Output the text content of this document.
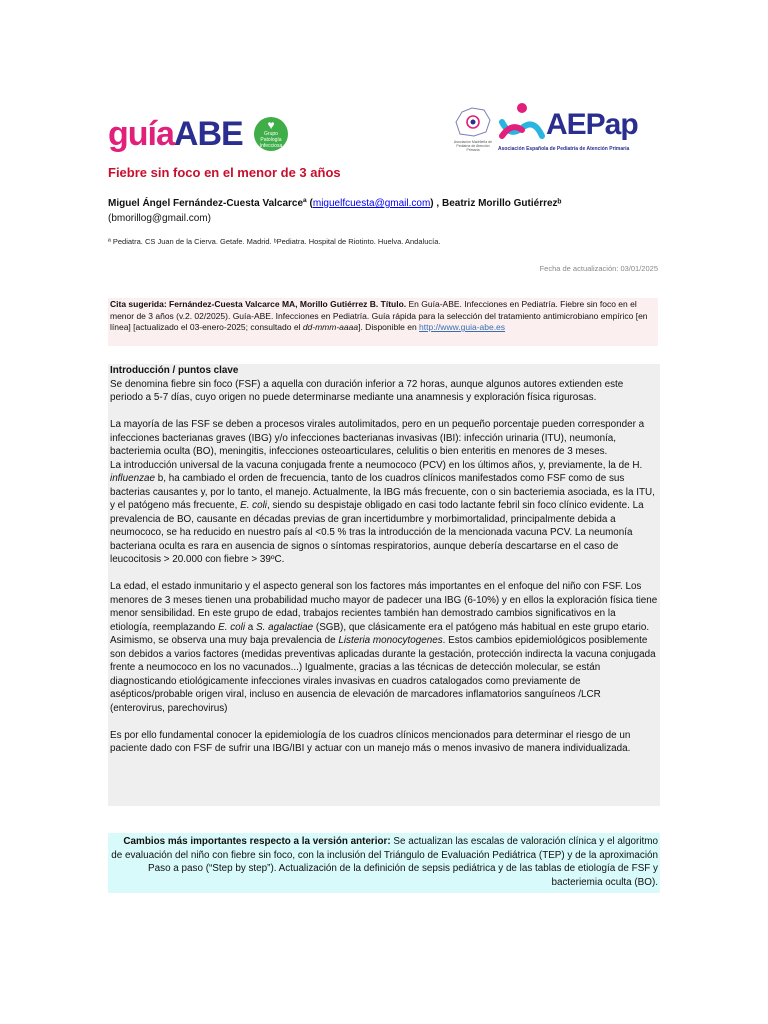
guíaABE ♥
Grupo Patología Infecciosa
Asociación Madrileña de Pediatría de Atención Primaria
AEPap
Asociación Española de Pediatría de Atención Primaria
Fiebre sin foco en el menor de 3 años
Miguel Ángel Fernández-Cuesta Valcarceª (miguelfcuesta@gmail.com) , Beatriz Morillo Gutiérrezᵇ
(bmorillog@gmail.com)
ª Pediatra. CS Juan de la Cierva. Getafe. Madrid. ᵇPediatra. Hospital de Riotinto. Huelva. Andalucía.
Fecha de actualización: 03/01/2025
Cita sugerida: Fernández-Cuesta Valcarce MA, Morillo Gutiérrez B. Título. En Guía-ABE. Infecciones en Pediatría. Fiebre sin foco en el menor de 3 años (v.2. 02/2025). Guía-ABE. Infecciones en Pediatría. Guía rápida para la selección del tratamiento antimicrobiano empírico [en línea] [actualizado el 03-enero-2025; consultado el dd-mmm-aaaa]. Disponible en http://www.guia-abe.es

Introducción / puntos clave

Se denomina fiebre sin foco (FSF) a aquella con duración inferior a 72 horas, aunque algunos autores extienden este periodo a 5-7 días, cuyo origen no puede determinarse mediante una anamnesis y exploración física rigurosas.

La mayoría de las FSF se deben a procesos virales autolimitados, pero en un pequeño porcentaje pueden corresponder a infecciones bacterianas graves (IBG) y/o infecciones bacterianas invasivas (IBI): infección urinaria (ITU), neumonía, bacteriemia oculta (BO), meningitis, infecciones osteoarticulares, celulitis o bien enteritis en menores de 3 meses.

La introducción universal de la vacuna conjugada frente a neumococo (PCV) en los últimos años, y, previamente, la de H. influenzae b, ha cambiado el orden de frecuencia, tanto de los cuadros clínicos manifestados como FSF como de sus bacterias causantes y, por lo tanto, el manejo. Actualmente, la IBG más frecuente, con o sin bacteriemia asociada, es la ITU, y el patógeno más frecuente, E. coli, siendo su despistaje obligado en casi todo lactante febril sin foco clínico evidente. La prevalencia de BO, causante en décadas previas de gran incertidumbre y morbimortalidad, principalmente debida a neumococo, se ha reducido en nuestro país al <0.5 % tras la introducción de la mencionada vacuna PCV. La neumonía bacteriana oculta es rara en ausencia de signos o síntomas respiratorios, aunque debería descartarse en el caso de leucocitosis > 20.000 con fiebre > 39ºC.

La edad, el estado inmunitario y el aspecto general son los factores más importantes en el enfoque del niño con FSF. Los menores de 3 meses tienen una probabilidad mucho mayor de padecer una IBG (6-10%) y en ellos la exploración física tiene menor sensibilidad. En este grupo de edad, trabajos recientes también han demostrado cambios significativos en la etiología, reemplazando E. coli a S. agalactiae (SGB), que clásicamente era el patógeno más habitual en este grupo etario. Asimismo, se observa una muy baja prevalencia de Listeria monocytogenes. Estos cambios epidemiológicos posiblemente son debidos a varios factores (medidas preventivas aplicadas durante la gestación, protección indirecta la vacuna conjugada frente a neumococo en los no vacunados...) Igualmente, gracias a las técnicas de detección molecular, se están diagnosticando etiológicamente infecciones virales invasivas en cuadros catalogados como previamente de asépticos/probable origen viral, incluso en ausencia de elevación de marcadores inflamatorios sanguíneos /LCR (enterovirus, parechovirus)

Es por ello fundamental conocer la epidemiología de los cuadros clínicos mencionados para determinar el riesgo de un paciente dado con FSF de sufrir una IBG/IBI y actuar con un manejo más o menos invasivo de manera individualizada.

Cambios más importantes respecto a la versión anterior: Se actualizan las escalas de valoración clínica y el algoritmo de evaluación del niño con fiebre sin foco, con la inclusión del Triángulo de Evaluación Pediátrica (TEP) y de la aproximación Paso a paso (“Step by step”). Actualización de la definición de sepsis pediátrica y de las tablas de etiología de FSF y bacteriemia oculta (BO).
